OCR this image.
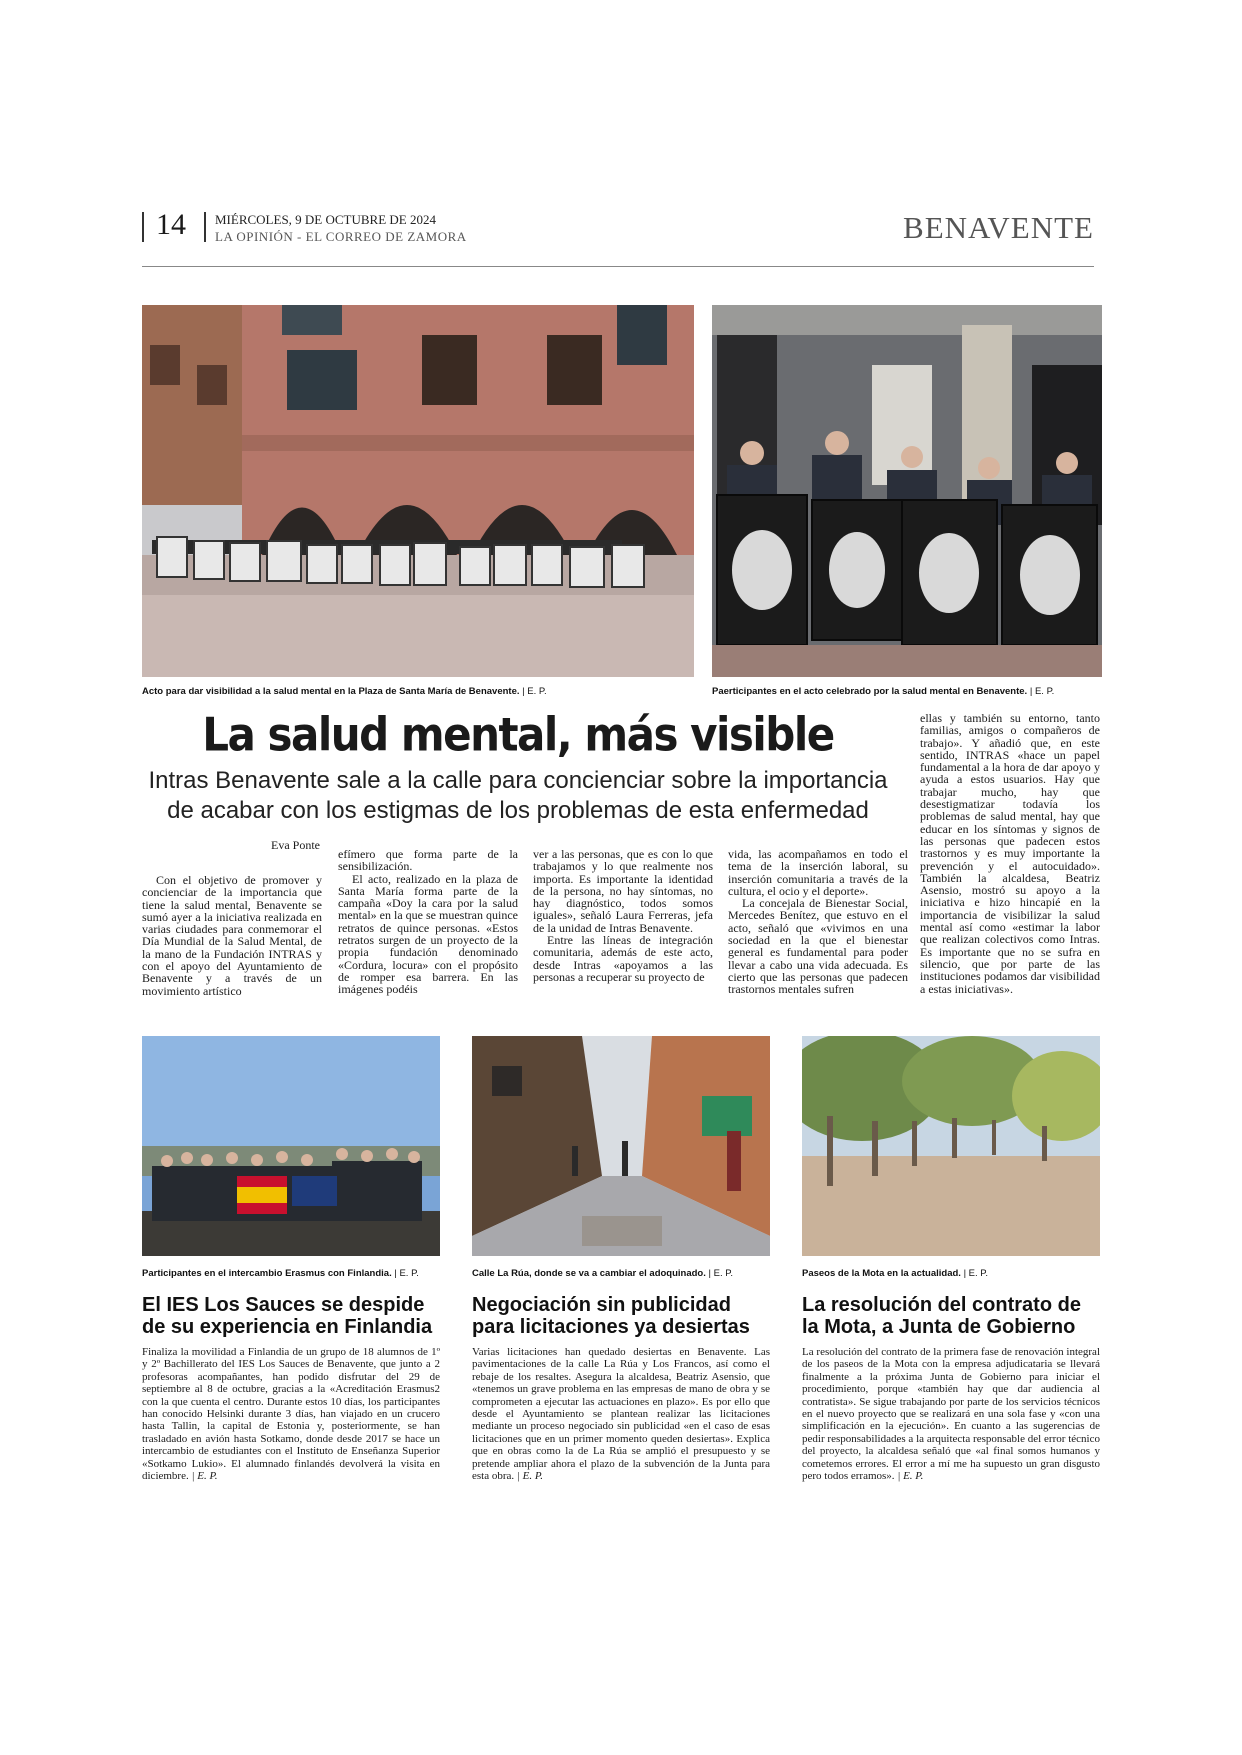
14 MIÉRCOLES, 9 DE OCTUBRE DE 2024
LA OPINIÓN - EL CORREO DE ZAMORA	BENAVENTE
Acto para dar visibilidad a la salud mental en la Plaza de Santa María de Benavente. | E. P.	Paerticipantes en el acto celebrado por la salud mental en Benavente. | E. P.
La salud mental, más visible
Intras Benavente sale a la calle para concienciar sobre la importancia
de acabar con los estigmas de los problemas de esta enfermedad
Eva Ponte

Con el objetivo de promover y concienciar de la importancia que tiene la salud mental, Benavente se sumó ayer a la iniciativa realizada en varias ciudades para conmemorar el Día Mundial de la Salud Mental, de la mano de la Fundación INTRAS y con el apoyo del Ayuntamiento de Benavente y a través de un movimiento artístico

efímero que forma parte de la sensibilización.

El acto, realizado en la plaza de Santa María forma parte de la campaña «Doy la cara por la salud mental» en la que se muestran quince retratos de quince personas. «Estos retratos surgen de un proyecto de la propia fundación denominado «Cordura, locura» con el propósito de romper esa barrera. En las imágenes podéis

ver a las personas, que es con lo que trabajamos y lo que realmente nos importa. Es importante la identidad de la persona, no hay síntomas, no hay diagnóstico, todos somos iguales», señaló Laura Ferreras, jefa de la unidad de Intras Benavente.

Entre las líneas de integración comunitaria, además de este acto, desde Intras «apoyamos a las personas a recuperar su proyecto de

vida, las acompañamos en todo el tema de la inserción laboral, su inserción comunitaria a través de la cultura, el ocio y el deporte».

La concejala de Bienestar Social, Mercedes Benítez, que estuvo en el acto, señaló que «vivimos en una sociedad en la que el bienestar general es fundamental para poder llevar a cabo una vida adecuada. Es cierto que las personas que padecen trastornos mentales sufren

ellas y también su entorno, tanto familias, amigos o compañeros de trabajo». Y añadió que, en este sentido, INTRAS «hace un papel fundamental a la hora de dar apoyo y ayuda a estos usuarios. Hay que trabajar mucho, hay que desestigmatizar todavía los problemas de salud mental, hay que educar en los síntomas y signos de las personas que padecen estos trastornos y es muy importante la prevención y el autocuidado». También la alcaldesa, Beatriz Asensio, mostró su apoyo a la iniciativa e hizo hincapié en la importancia de visibilizar la salud mental así como «estimar la labor que realizan colectivos como Intras. Es importante que no se sufra en silencio, que por parte de las instituciones podamos dar visibilidad a estas iniciativas».

Participantes en el intercambio Erasmus con Finlandia. | E. P.
El IES Los Sauces se despide
de su experiencia en Finlandia

Finaliza la movilidad a Finlandia de un grupo de 18 alumnos de 1º y 2º Bachillerato del IES Los Sauces de Benavente, que junto a 2 profesoras acompañantes, han podido disfrutar del 29 de septiembre al 8 de octubre, gracias a la «Acreditación Erasmus2 con la que cuenta el centro. Durante estos 10 días, los participantes han conocido Helsinki durante 3 días, han viajado en un crucero hasta Tallin, la capital de Estonia y, posteriormente, se han trasladado en avión hasta Sotkamo, donde desde 2017 se hace un intercambio de estudiantes con el Instituto de Enseñanza Superior «Sotkamo Lukio». El alumnado finlandés devolverá la visita en diciembre. | E. P.

Calle La Rúa, donde se va a cambiar el adoquinado. | E. P.
Negociación sin publicidad
para licitaciones ya desiertas

Varias licitaciones han quedado desiertas en Benavente. Las pavimentaciones de la calle La Rúa y Los Francos, así como el rebaje de los resaltes. Asegura la alcaldesa, Beatriz Asensio, que «tenemos un grave problema en las empresas de mano de obra y se comprometen a ejecutar las actuaciones en plazo». Es por ello que desde el Ayuntamiento se plantean realizar las licitaciones mediante un proceso negociado sin publicidad «en el caso de esas licitaciones que en un primer momento queden desiertas». Explica que en obras como la de La Rúa se amplió el presupuesto y se pretende ampliar ahora el plazo de la subvención de la Junta para esta obra. | E. P.

Paseos de la Mota en la actualidad. | E. P.
La resolución del contrato de
la Mota, a Junta de Gobierno

La resolución del contrato de la primera fase de renovación integral de los paseos de la Mota con la empresa adjudicataria se llevará finalmente a la próxima Junta de Gobierno para iniciar el procedimiento, porque «también hay que dar audiencia al contratista». Se sigue trabajando por parte de los servicios técnicos en el nuevo proyecto que se realizará en una sola fase y «con una simplificación en la ejecución». En cuanto a las sugerencias de pedir responsabilidades a la arquitecta responsable del error técnico del proyecto, la alcaldesa señaló que «al final somos humanos y cometemos errores. El error a mí me ha supuesto un gran disgusto pero todos erramos». | E. P.
